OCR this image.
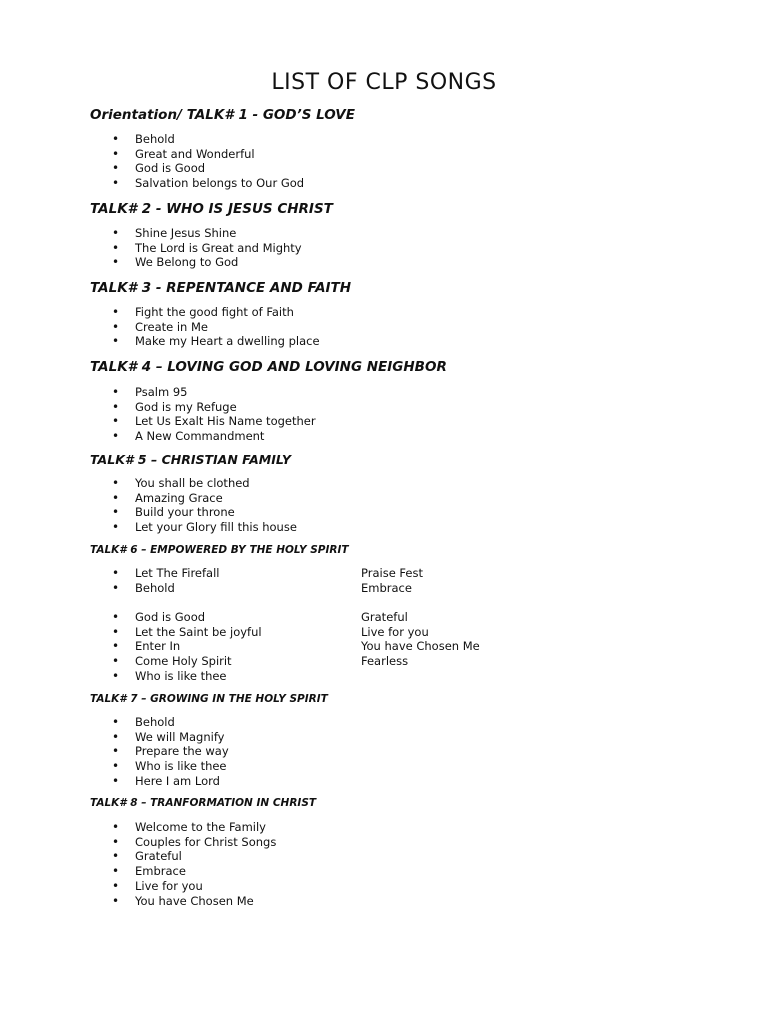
LIST OF CLP SONGS
Orientation/ TALK# 1 - GOD’S LOVE
• Behold
• Great and Wonderful
• God is Good
• Salvation belongs to Our God
TALK# 2 - WHO IS JESUS CHRIST
• Shine Jesus Shine
• The Lord is Great and Mighty
• We Belong to God
TALK# 3 - REPENTANCE AND FAITH
• Fight the good fight of Faith
• Create in Me
• Make my Heart a dwelling place
TALK# 4 – LOVING GOD AND LOVING NEIGHBOR
• Psalm 95
• God is my Refuge
• Let Us Exalt His Name together
• A New Commandment
TALK# 5 – CHRISTIAN FAMILY
• You shall be clothed
• Amazing Grace
• Build your throne
• Let your Glory fill this house
TALK# 6 – EMPOWERED BY THE HOLY SPIRIT
• Let The Firefall
• Behold
Praise Fest
Embrace
• God is Good
• Let the Saint be joyful
• Enter In
• Come Holy Spirit
• Who is like thee
Grateful
Live for you
You have Chosen Me
Fearless
TALK# 7 – GROWING IN THE HOLY SPIRIT
• Behold
• We will Magnify
• Prepare the way
• Who is like thee
• Here I am Lord
TALK# 8 – TRANFORMATION IN CHRIST
• Welcome to the Family
• Couples for Christ Songs
• Grateful
• Embrace
• Live for you
• You have Chosen Me
